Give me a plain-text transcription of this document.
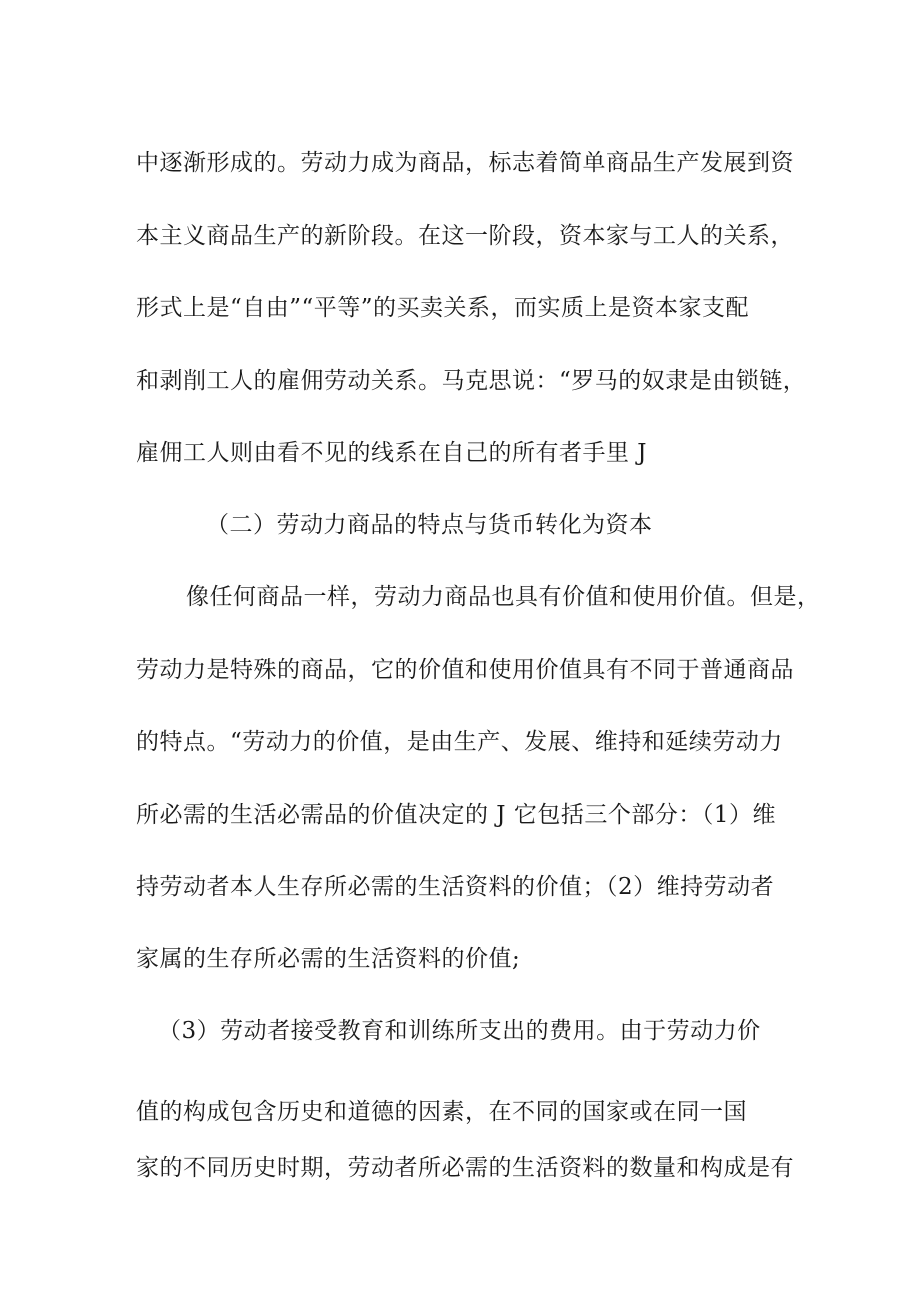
中逐渐形成的。劳动力成为商品，标志着简单商品生产发展到资
本主义商品生产的新阶段。在这一阶段，资本家与工人的关系，
形式上是“自由”“平等”的买卖关系，而实质上是资本家支配
和剥削工人的雇佣劳动关系。马克思说：“罗马的奴隶是由锁链，
雇佣工人则由看不见的线系在自己的所有者手里 J
（二）劳动力商品的特点与货币转化为资本
像任何商品一样，劳动力商品也具有价值和使用价值。但是，
劳动力是特殊的商品，它的价值和使用价值具有不同于普通商品
的特点。“劳动力的价值，是由生产、发展、维持和延续劳动力
所必需的生活必需品的价值决定的 J 它包括三个部分：（1）维
持劳动者本人生存所必需的生活资料的价值；（2）维持劳动者
家属的生存所必需的生活资料的价值;
（3）劳动者接受教育和训练所支出的费用。由于劳动力价
值的构成包含历史和道德的因素，在不同的国家或在同一国
家的不同历史时期，劳动者所必需的生活资料的数量和构成是有
